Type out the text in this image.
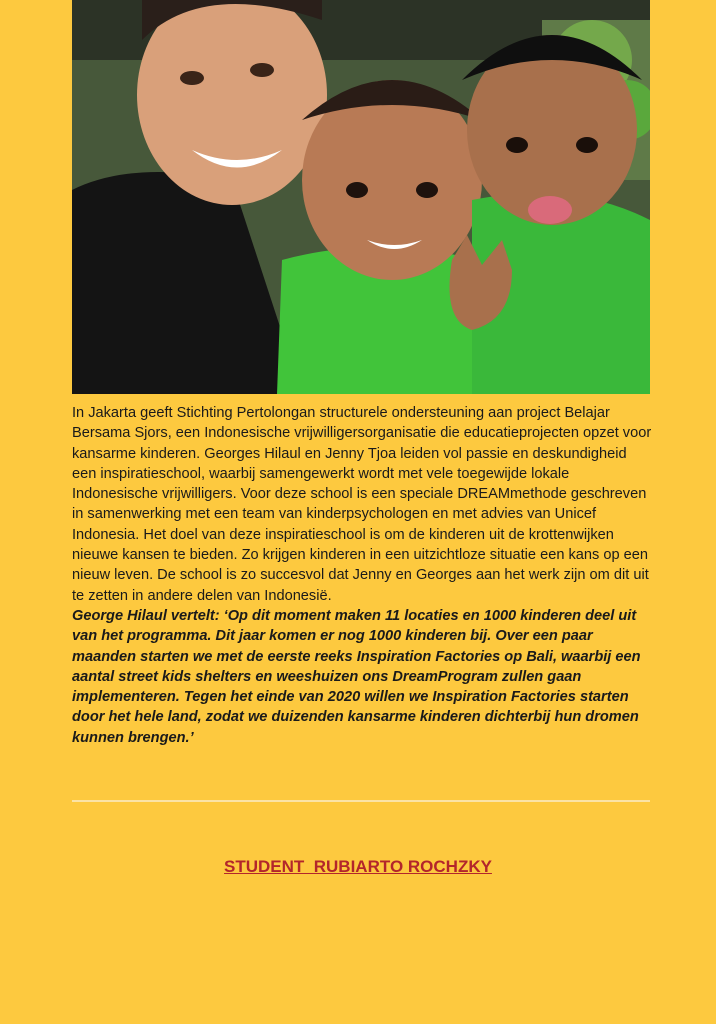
In Jakarta geeft Stichting Pertolongan structurele ondersteuning aan project Belajar Bersama Sjors, een Indonesische vrijwilligersorganisatie die educatieprojecten opzet voor kansarme kinderen. Georges Hilaul en Jenny Tjoa leiden vol passie en deskundigheid een inspiratieschool, waarbij samengewerkt wordt met vele toegewijde lokale Indonesische vrijwilligers. Voor deze school is een speciale DREAMmethode geschreven in samenwerking met een team van kinderpsychologen en met advies van Unicef Indonesia. Het doel van deze inspiratieschool is om de kinderen uit de krottenwijken nieuwe kansen te bieden. Zo krijgen kinderen in een uitzichtloze situatie een kans op een nieuw leven. De school is zo succesvol dat Jenny en Georges aan het werk zijn om dit uit te zetten in andere delen van Indonesië.
George Hilaul vertelt: ‘Op dit moment maken 11 locaties en 1000 kinderen deel uit van het programma. Dit jaar komen er nog 1000 kinderen bij. Over een paar maanden starten we met de eerste reeks Inspiration Factories op Bali, waarbij een aantal street kids shelters en weeshuizen ons DreamProgram zullen gaan implementeren. Tegen het einde van 2020 willen we Inspiration Factories starten door het hele land, zodat we duizenden kansarme kinderen dichterbij hun dromen kunnen brengen.’

STUDENT  RUBIARTO ROCHZKY
